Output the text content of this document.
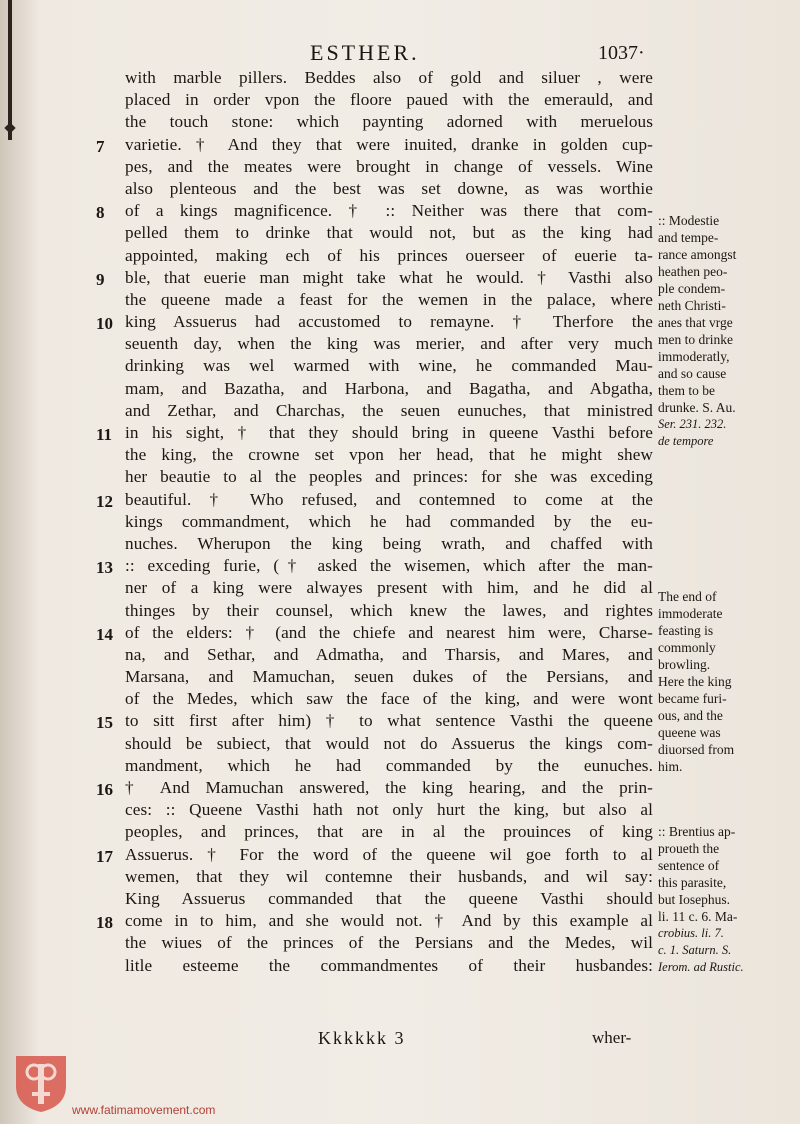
ESTHER.	1037·
with marble pillers. Beddes also of gold and siluer , were
placed in order vpon the floore paued with the emerauld, and
the touch stone: which paynting adorned with meruelous
7	varietie. † And they that were inuited, dranke in golden cup-
pes, and the meates were brought in change of vessels. Wine
also plenteous and the best was set downe, as was worthie
8	of a kings magnificence. † :: Neither was there that com-
pelled them to drinke that would not, but as the king had
appointed, making ech of his princes ouerseer of euerie ta-
9	ble, that euerie man might take what he would. † Vasthi also
the queene made a feast for the wemen in the palace, where
10 king Assuerus had accustomed to remayne. † Therfore the
seuenth day, when the king was merier, and after very much
drinking was wel warmed with wine, he commanded Mau-
mam, and Bazatha, and Harbona, and Bagatha, and Abgatha,
and Zethar, and Charchas, the seuen eunuches, that ministred
11 in his sight, † that they should bring in queene Vasthi before
the king, the crowne set vpon her head, that he might shew
her beautie to al the peoples and princes: for she was exceding
12 beautiful. † Who refused, and contemned to come at the
kings commandment, which he had commanded by the eu-
nuches. Wherupon the king being wrath, and chaffed with
13 :: exceding furie, († asked the wisemen, which after the man-
ner of a king were alwayes present with him, and he did al
thinges by their counsel, which knew the lawes, and rightes
14 of the elders: † (and the chiefe and nearest him were, Charse-
na, and Sethar, and Admatha, and Tharsis, and Mares, and
Marsana, and Mamuchan, seuen dukes of the Persians, and
of the Medes, which saw the face of the king, and were wont
15 to sitt first after him) † to what sentence Vasthi the queene
should be subiect, that would not do Assuerus the kings com-
mandment, which he had commanded by the eunuches.
16 † And Mamuchan answered, the king hearing, and the prin-
ces: :: Queene Vasthi hath not only hurt the king, but also al
peoples, and princes, that are in al the prouinces of king
17 Assuerus. † For the word of the queene wil goe forth to al
wemen, that they wil contemne their husbands, and wil say:
King Assuerus commanded that the queene Vasthi should
18 come in to him, and she would not. † And by this example al
the wiues of the princes of the Persians and the Medes, wil
litle esteeme the commandmentes of their husbandes:
:: Modestie
and tempe-
rance amongst
heathen peo-
ple condem-
neth Christi-
anes that vrge
men to drinke
immoderatly,
and so cause
them to be
drunke. S. Au.
Ser. 231. 232.
de tempore
The end of
immoderate
feasting is
commonly
browling.
Here the king
became furi-
ous, and the
queene was
diuorsed from
him.
:: Brentius ap-
proueth the
sentence of
this parasite,
but Iosephus.
li. 11 c. 6. Ma-
crobius. li. 7.
c. 1. Saturn. S.
Ierom. ad Rustic.
Kkkkkk 3	wher-
www.fatimamovement.com
